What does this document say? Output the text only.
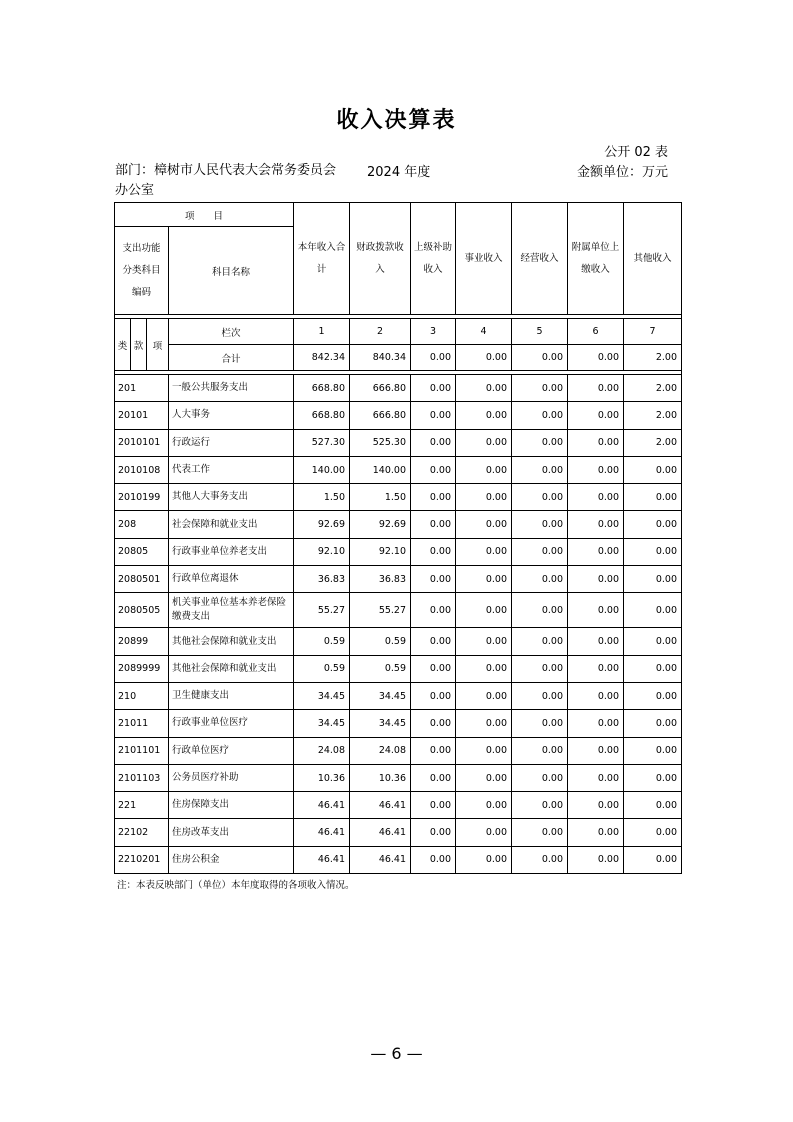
收入决算表
公开 02 表
部门：樟树市人民代表大会常务委员会办公室
2024 年度	金额单位：万元
项　　目				本年收入合计	财政拨款收入	上级补助收入	事业收入	经营收入	附属单位上缴收入	其他收入
支出功能分类科目编码			科目名称							

类	款	项	栏次	1	2	3	4	5	6	7
			合计	842.34	840.34	0.00	0.00	0.00	0.00	2.00

201			一般公共服务支出	668.80	666.80	0.00	0.00	0.00	0.00	2.00
20101			人大事务	668.80	666.80	0.00	0.00	0.00	0.00	2.00
2010101			行政运行	527.30	525.30	0.00	0.00	0.00	0.00	2.00
2010108			代表工作	140.00	140.00	0.00	0.00	0.00	0.00	0.00
2010199			其他人大事务支出	1.50	1.50	0.00	0.00	0.00	0.00	0.00
208			社会保障和就业支出	92.69	92.69	0.00	0.00	0.00	0.00	0.00
20805			行政事业单位养老支出	92.10	92.10	0.00	0.00	0.00	0.00	0.00
2080501			行政单位离退休	36.83	36.83	0.00	0.00	0.00	0.00	0.00
2080505			机关事业单位基本养老保险缴费支出	55.27	55.27	0.00	0.00	0.00	0.00	0.00
20899			其他社会保障和就业支出	0.59	0.59	0.00	0.00	0.00	0.00	0.00
2089999			其他社会保障和就业支出	0.59	0.59	0.00	0.00	0.00	0.00	0.00
210			卫生健康支出	34.45	34.45	0.00	0.00	0.00	0.00	0.00
21011			行政事业单位医疗	34.45	34.45	0.00	0.00	0.00	0.00	0.00
2101101			行政单位医疗	24.08	24.08	0.00	0.00	0.00	0.00	0.00
2101103			公务员医疗补助	10.36	10.36	0.00	0.00	0.00	0.00	0.00
221			住房保障支出	46.41	46.41	0.00	0.00	0.00	0.00	0.00
22102			住房改革支出	46.41	46.41	0.00	0.00	0.00	0.00	0.00
2210201			住房公积金	46.41	46.41	0.00	0.00	0.00	0.00	0.00
注：本表反映部门（单位）本年度取得的各项收入情况。
— 6 —
